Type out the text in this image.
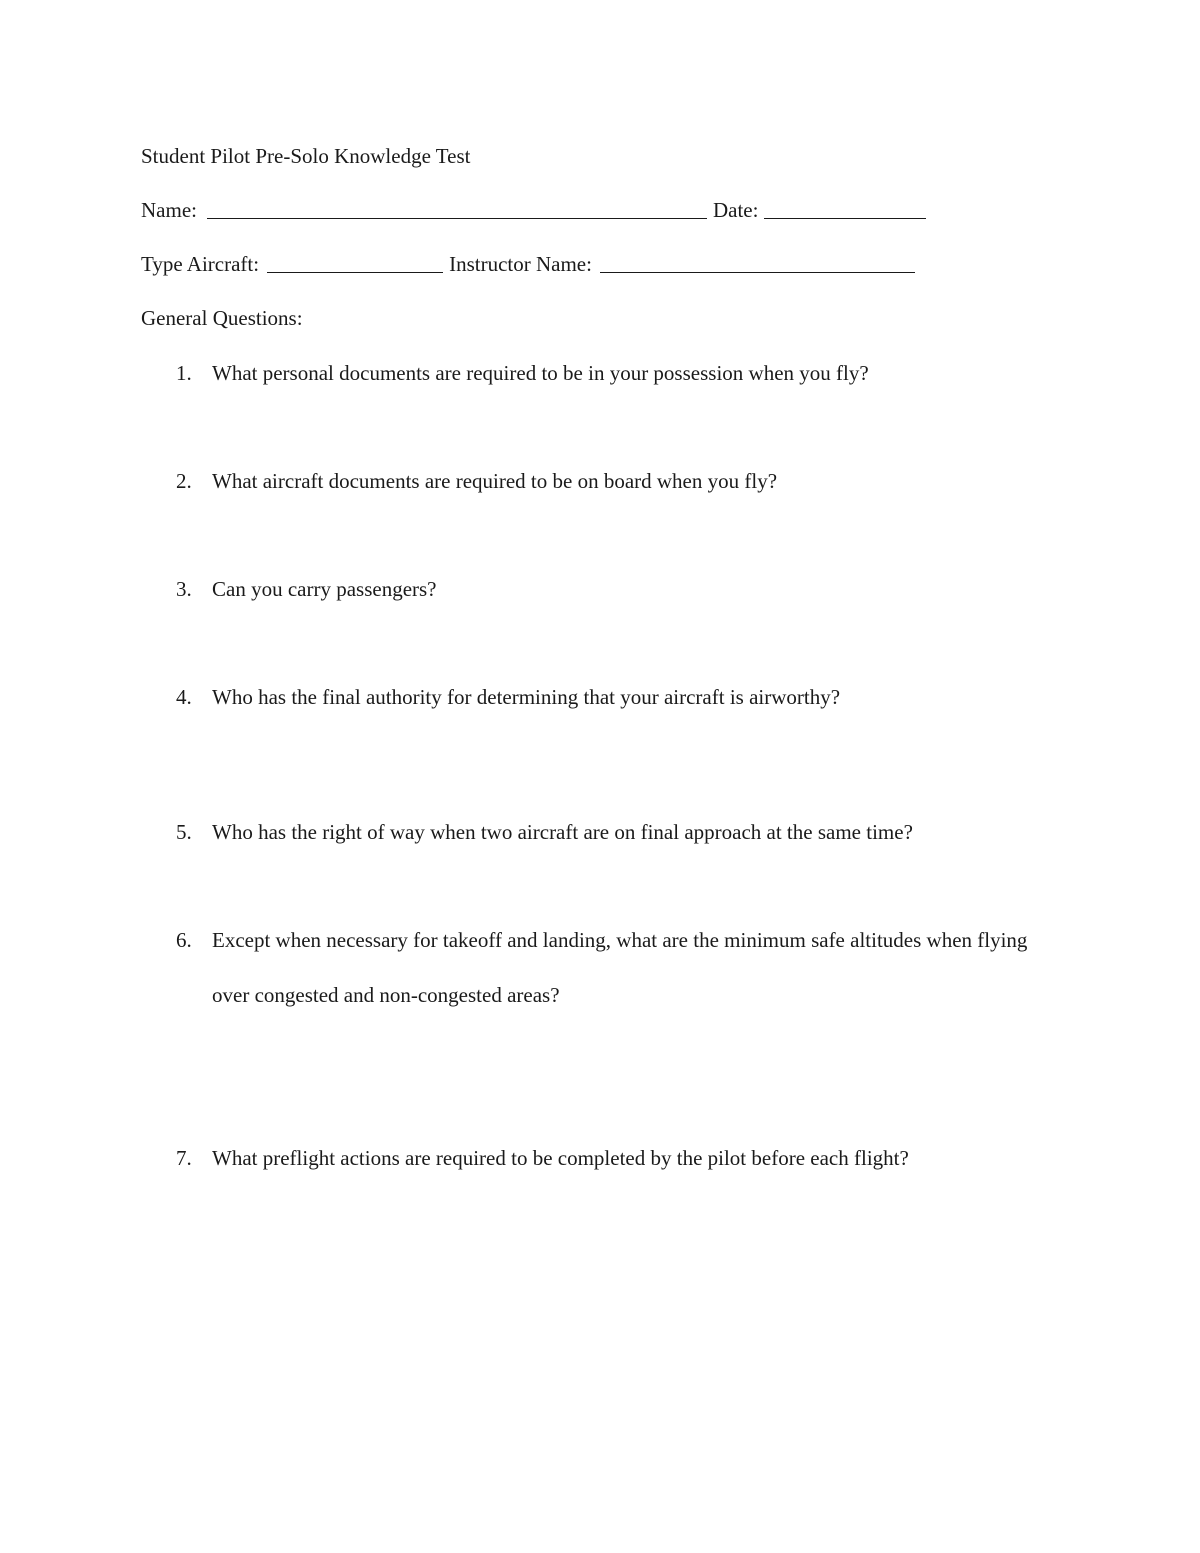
Student Pilot Pre-Solo Knowledge Test
Name:	Date:
Type Aircraft:	Instructor Name:
General Questions:
1. What personal documents are required to be in your possession when you fly?
2. What aircraft documents are required to be on board when you fly?
3. Can you carry passengers?
4. Who has the final authority for determining that your aircraft is airworthy?
5. Who has the right of way when two aircraft are on final approach at the same time?
6. Except when necessary for takeoff and landing, what are the minimum safe altitudes when flying over congested and non-congested areas?
7. What preflight actions are required to be completed by the pilot before each flight?
